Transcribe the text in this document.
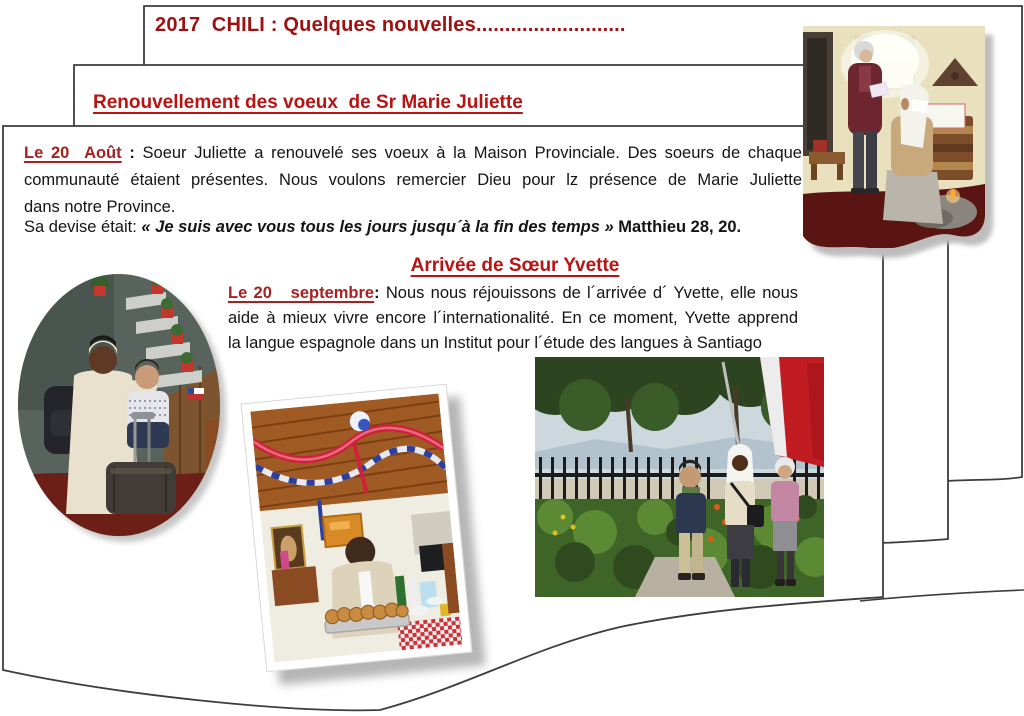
2017  CHILI : Quelques nouvelles..........................
Renouvellement des voeux  de Sr Marie Juliette
Le 20  Août : Soeur Juliette a renouvelé ses voeux à la Maison Provinciale. Des soeurs de chaque
communauté étaient présentes. Nous voulons remercier Dieu pour lz présence de Marie Juliette
dans notre Province.
Sa devise était: « Je suis avec vous tous les jours jusqu´à la fin des temps » Matthieu 28, 20.
Arrivée de Sœur Yvette
Le 20   septembre: Nous nous réjouissons de l´arrivée d´ Yvette, elle nous
aide à mieux vivre encore l´internationalité. En ce moment, Yvette apprend
la langue espagnole dans un Institut pour l´étude des langues à Santiago
